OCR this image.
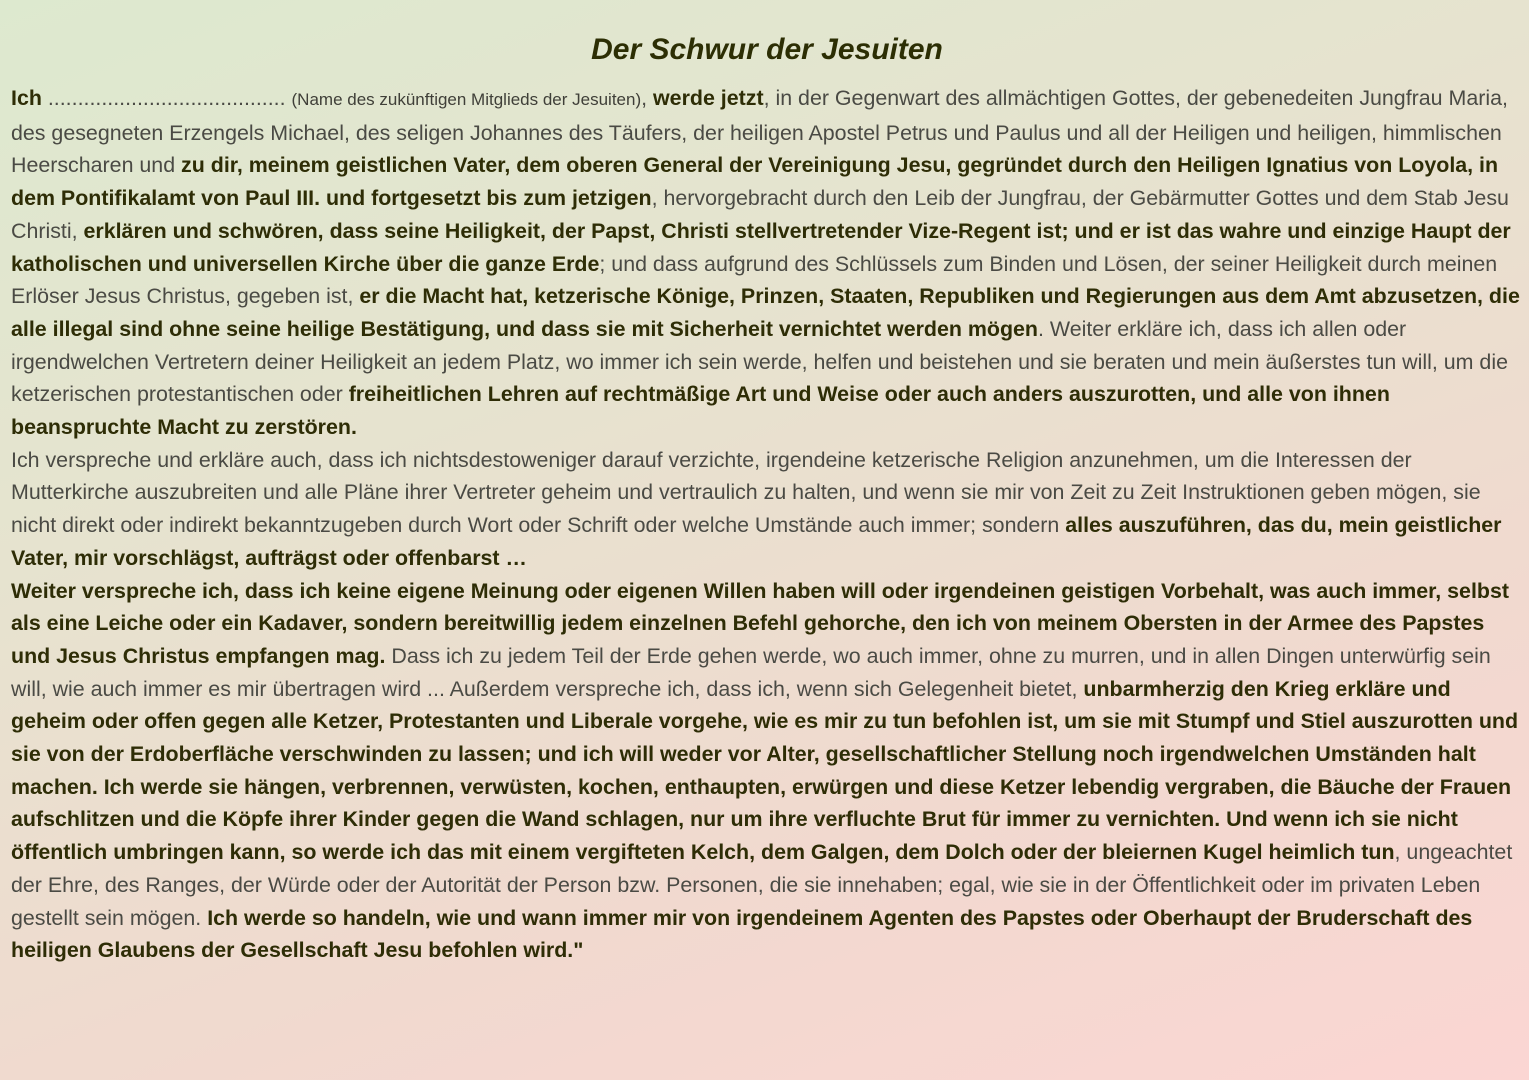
Der Schwur der Jesuiten

Ich ........................................ (Name des zukünftigen Mitglieds der Jesuiten), werde jetzt, in der Gegenwart des allmächtigen Gottes, der gebenedeiten Jungfrau Maria, des gesegneten Erzengels Michael, des seligen Johannes des Täufers, der heiligen Apostel Petrus und Paulus und all der Heiligen und heiligen, himmlischen Heerscharen und zu dir, meinem geistlichen Vater, dem oberen General der Vereinigung Jesu, gegründet durch den Heiligen Ignatius von Loyola, in dem Pontifikalamt von Paul III. und fortgesetzt bis zum jetzigen, hervorgebracht durch den Leib der Jungfrau, der Gebärmutter Gottes und dem Stab Jesu Christi, erklären und schwören, dass seine Heiligkeit, der Papst, Christi stellvertretender Vize-Regent ist; und er ist das wahre und einzige Haupt der katholischen und universellen Kirche über die ganze Erde; und dass aufgrund des Schlüssels zum Binden und Lösen, der seiner Heiligkeit durch meinen Erlöser Jesus Christus, gegeben ist, er die Macht hat, ketzerische Könige, Prinzen, Staaten, Republiken und Regierungen aus dem Amt abzusetzen, die alle illegal sind ohne seine heilige Bestätigung, und dass sie mit Sicherheit vernichtet werden mögen. Weiter erkläre ich, dass ich allen oder irgendwelchen Vertretern deiner Heiligkeit an jedem Platz, wo immer ich sein werde, helfen und beistehen und sie beraten und mein äußerstes tun will, um die ketzerischen protestantischen oder freiheitlichen Lehren auf rechtmäßige Art und Weise oder auch anders auszurotten, und alle von ihnen beanspruchte Macht zu zerstören.

Ich verspreche und erkläre auch, dass ich nichtsdestoweniger darauf verzichte, irgendeine ketzerische Religion anzunehmen, um die Interessen der Mutterkirche auszubreiten und alle Pläne ihrer Vertreter geheim und vertraulich zu halten, und wenn sie mir von Zeit zu Zeit Instruktionen geben mögen, sie nicht direkt oder indirekt bekanntzugeben durch Wort oder Schrift oder welche Umstände auch immer; sondern alles auszuführen, das du, mein geistlicher Vater, mir vorschlägst, aufträgst oder offenbarst …

Weiter verspreche ich, dass ich keine eigene Meinung oder eigenen Willen haben will oder irgendeinen geistigen Vorbehalt, was auch immer, selbst als eine Leiche oder ein Kadaver, sondern bereitwillig jedem einzelnen Befehl gehorche, den ich von meinem Obersten in der Armee des Papstes und Jesus Christus empfangen mag. Dass ich zu jedem Teil der Erde gehen werde, wo auch immer, ohne zu murren, und in allen Dingen unterwürfig sein will, wie auch immer es mir übertragen wird ... Außerdem verspreche ich, dass ich, wenn sich Gelegenheit bietet, unbarmherzig den Krieg erkläre und geheim oder offen gegen alle Ketzer, Protestanten und Liberale vorgehe, wie es mir zu tun befohlen ist, um sie mit Stumpf und Stiel auszurotten und sie von der Erdoberfläche verschwinden zu lassen; und ich will weder vor Alter, gesellschaftlicher Stellung noch irgendwelchen Umständen halt machen. Ich werde sie hängen, verbrennen, verwüsten, kochen, enthaupten, erwürgen und diese Ketzer lebendig vergraben, die Bäuche der Frauen aufschlitzen und die Köpfe ihrer Kinder gegen die Wand schlagen, nur um ihre verfluchte Brut für immer zu vernichten. Und wenn ich sie nicht öffentlich umbringen kann, so werde ich das mit einem vergifteten Kelch, dem Galgen, dem Dolch oder der bleiernen Kugel heimlich tun, ungeachtet der Ehre, des Ranges, der Würde oder der Autorität der Person bzw. Personen, die sie innehaben; egal, wie sie in der Öffentlichkeit oder im privaten Leben gestellt sein mögen. Ich werde so handeln, wie und wann immer mir von irgendeinem Agenten des Papstes oder Oberhaupt der Bruderschaft des heiligen Glaubens der Gesellschaft Jesu befohlen wird."
